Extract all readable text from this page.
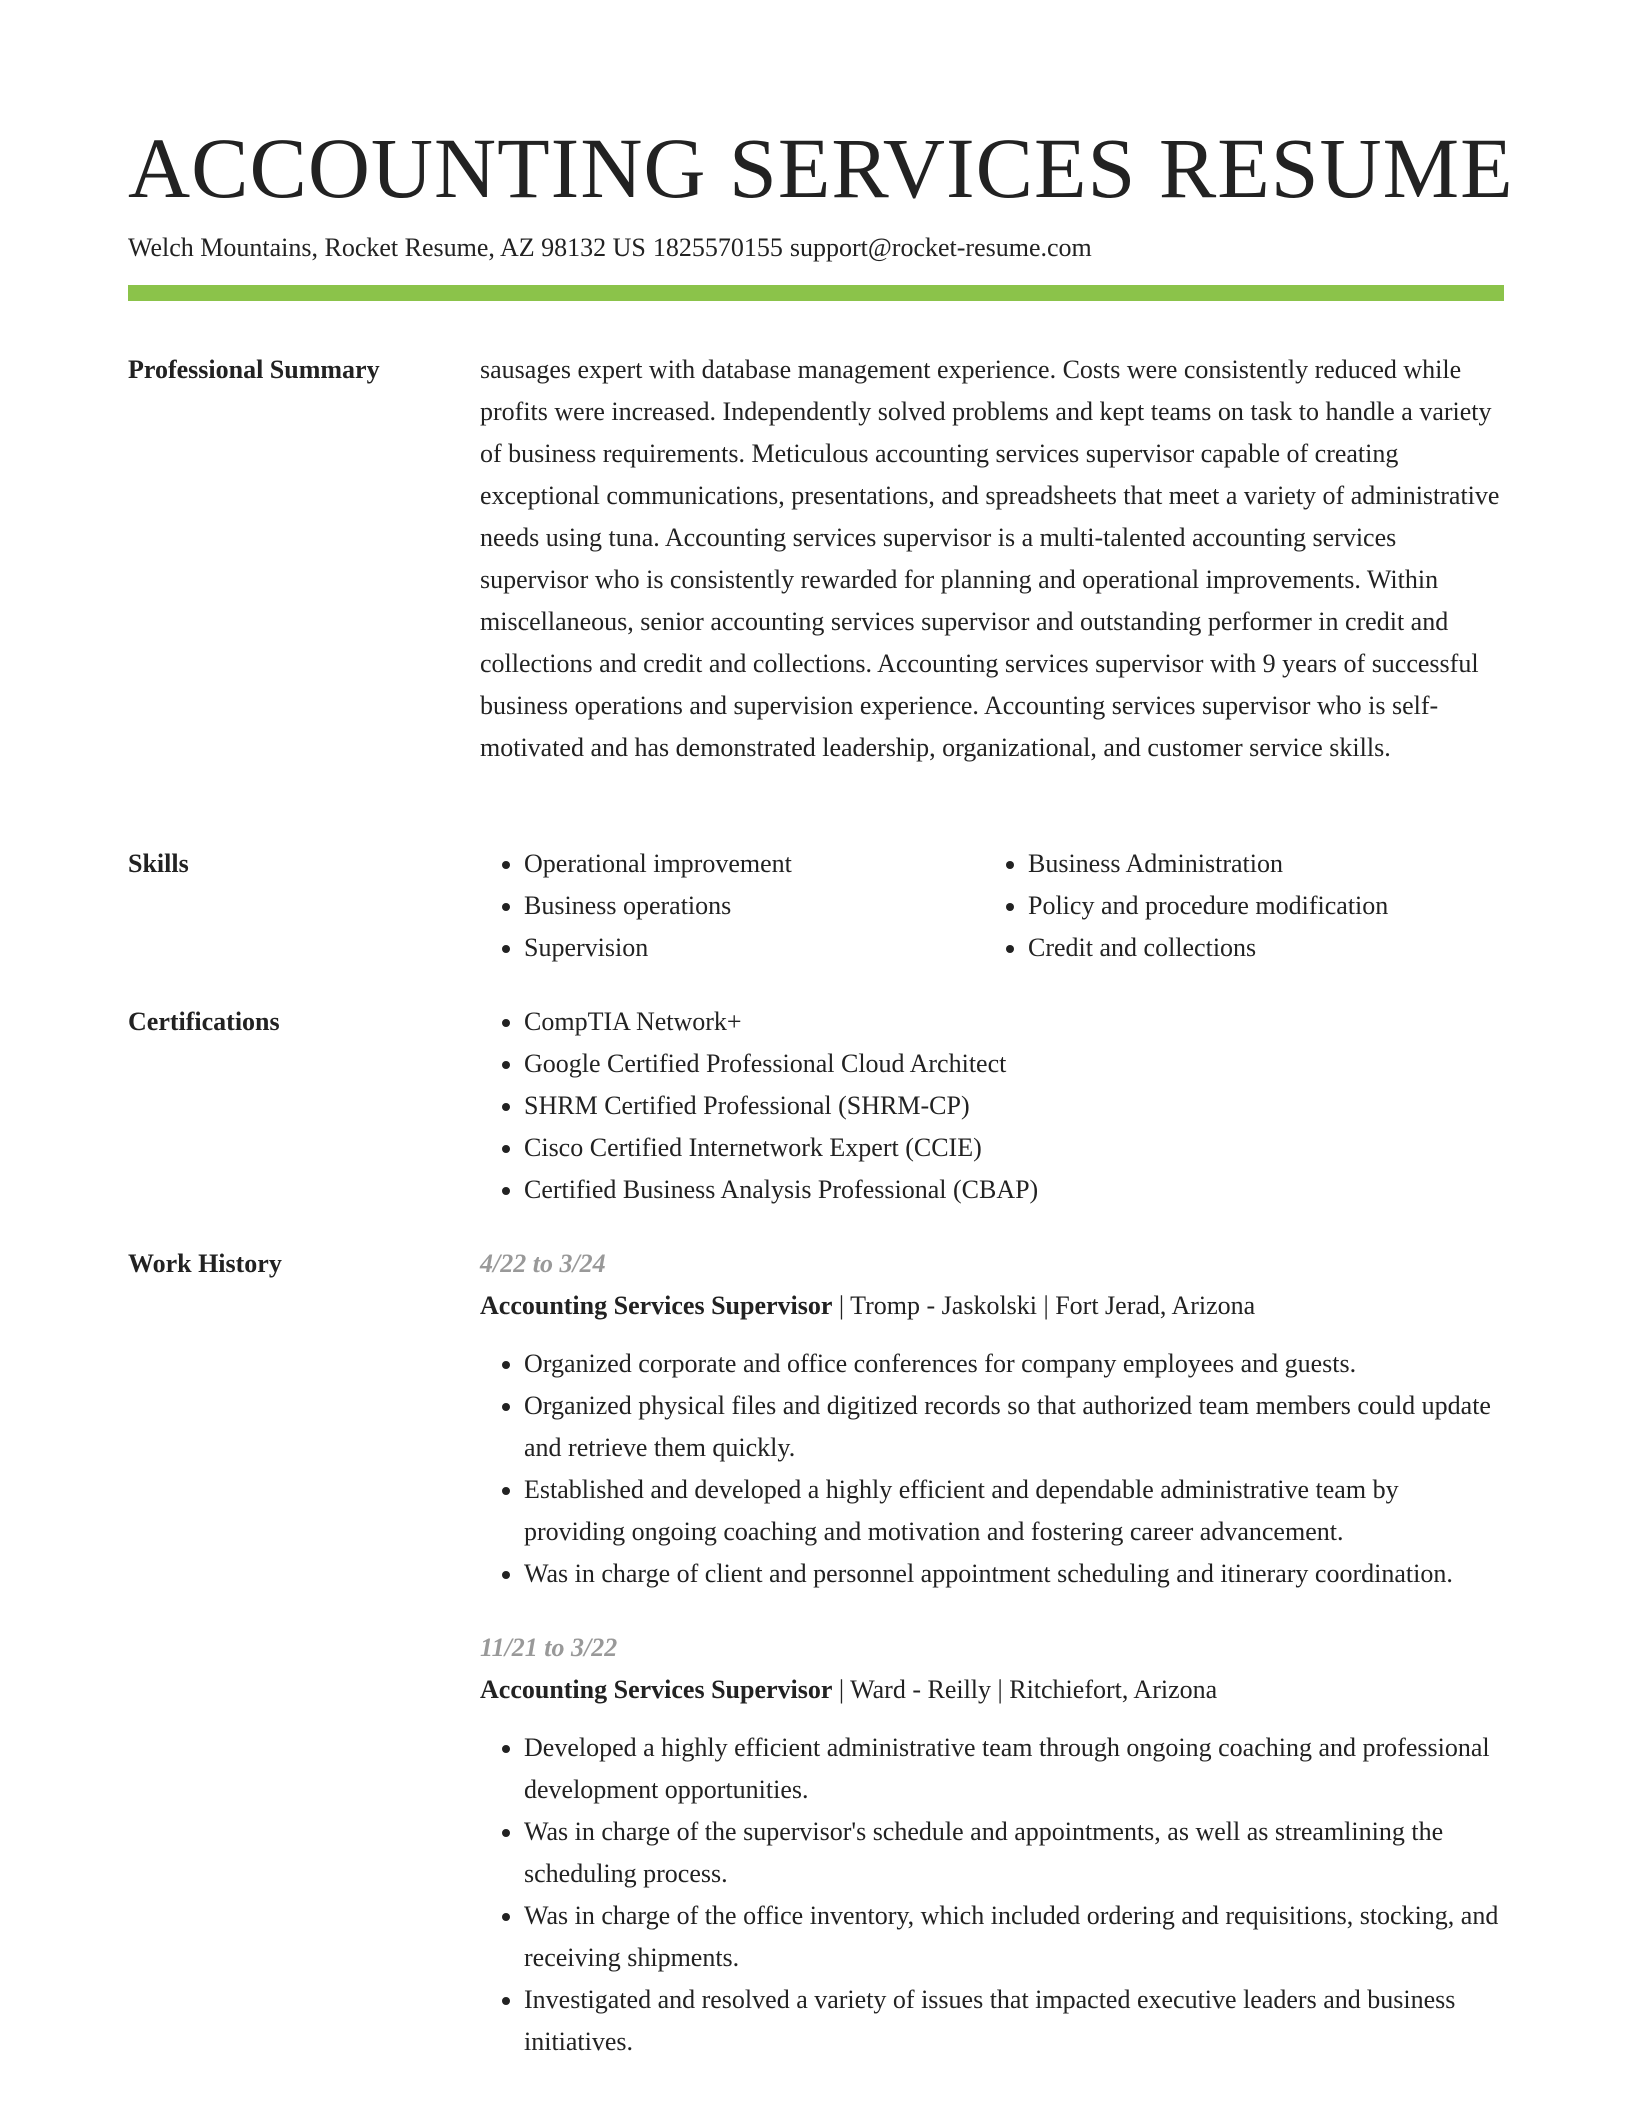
ACCOUNTING SERVICES RESUME
Welch Mountains, Rocket Resume, AZ 98132 US 1825570155 support@rocket-resume.com
Professional Summary	sausages expert with database management experience. Costs were consistently reduced while profits were increased. Independently solved problems and kept teams on task to handle a variety of business requirements. Meticulous accounting services supervisor capable of creating exceptional communications, presentations, and spreadsheets that meet a variety of administrative needs using tuna. Accounting services supervisor is a multi-talented accounting services supervisor who is consistently rewarded for planning and operational improvements. Within miscellaneous, senior accounting services supervisor and outstanding performer in credit and collections and credit and collections. Accounting services supervisor with 9 years of successful business operations and supervision experience. Accounting services supervisor who is self-motivated and has demonstrated leadership, organizational, and customer service skills.

Skills	• Operational improvement
• Business operations
• Supervision
• Business Administration
• Policy and procedure modification
• Credit and collections
Certifications	• CompTIA Network+
• Google Certified Professional Cloud Architect
• SHRM Certified Professional (SHRM-CP)
• Cisco Certified Internetwork Expert (CCIE)
• Certified Business Analysis Professional (CBAP)
Work History	4/22 to 3/24
Accounting Services Supervisor | Tromp - Jaskolski | Fort Jerad, Arizona
• Organized corporate and office conferences for company employees and guests.
• Organized physical files and digitized records so that authorized team members could update and retrieve them quickly.
• Established and developed a highly efficient and dependable administrative team by providing ongoing coaching and motivation and fostering career advancement.
• Was in charge of client and personnel appointment scheduling and itinerary coordination.
11/21 to 3/22
Accounting Services Supervisor | Ward - Reilly | Ritchiefort, Arizona
• Developed a highly efficient administrative team through ongoing coaching and professional development opportunities.
• Was in charge of the supervisor's schedule and appointments, as well as streamlining the scheduling process.
• Was in charge of the office inventory, which included ordering and requisitions, stocking, and receiving shipments.
• Investigated and resolved a variety of issues that impacted executive leaders and business initiatives.
